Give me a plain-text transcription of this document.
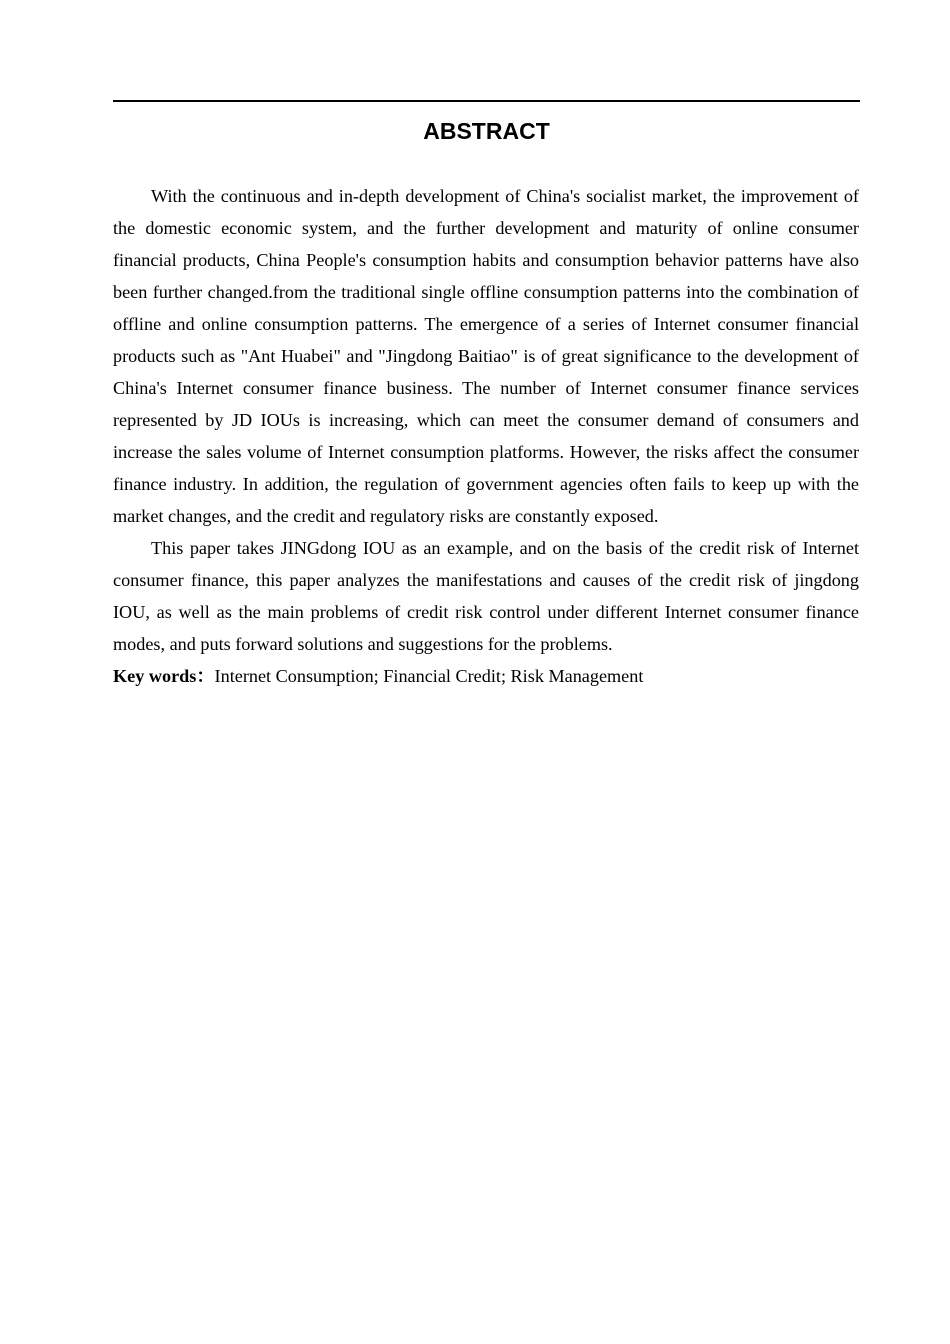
ABSTRACT

With the continuous and in-depth development of China's socialist market, the improvement of the domestic economic system, and the further development and maturity of online consumer financial products, China People's consumption habits and consumption behavior patterns have also been further changed.from the traditional single offline consumption patterns into the combination of offline and online consumption patterns. The emergence of a series of Internet consumer financial products such as "Ant Huabei" and "Jingdong Baitiao" is of great significance to the development of China's Internet consumer finance business. The number of Internet consumer finance services represented by JD IOUs is increasing, which can meet the consumer demand of consumers and increase the sales volume of Internet consumption platforms. However, the risks affect the consumer finance industry. In addition, the regulation of government agencies often fails to keep up with the market changes, and the credit and regulatory risks are constantly exposed.

This paper takes JINGdong IOU as an example, and on the basis of the credit risk of Internet consumer finance, this paper analyzes the manifestations and causes of the credit risk of jingdong IOU, as well as the main problems of credit risk control under different Internet consumer finance modes, and puts forward solutions and suggestions for the problems.

Key words：Internet Consumption; Financial Credit; Risk Management
